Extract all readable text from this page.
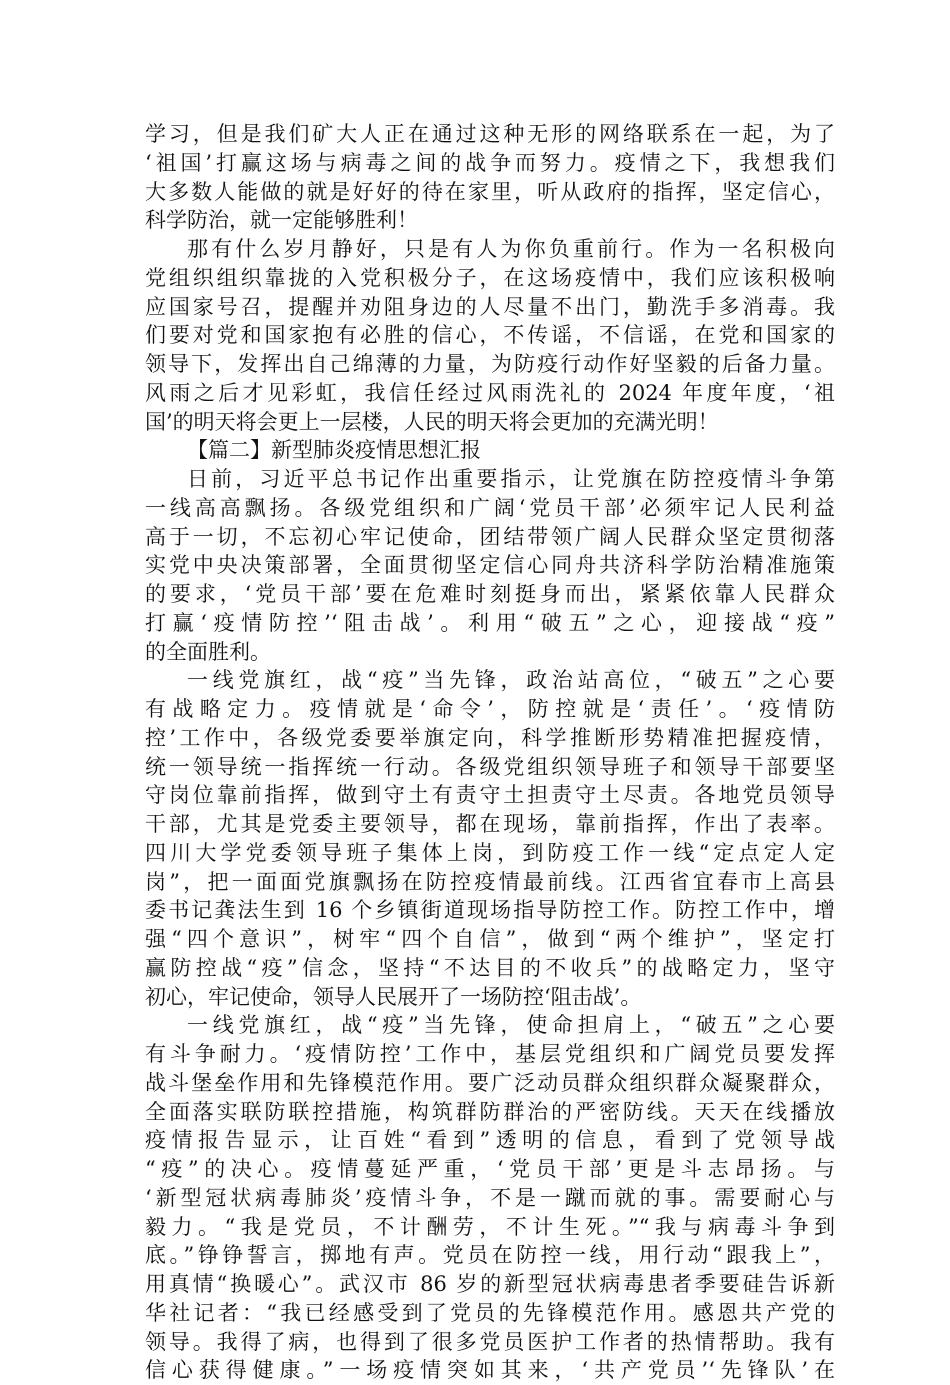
学习，但是我们矿大人正在通过这种无形的网络联系在一起，为了
‘祖国’打赢这场与病毒之间的战争而努力。疫情之下，我想我们
大多数人能做的就是好好的待在家里，听从政府的指挥，坚定信心，
科学防治，就一定能够胜利！
那有什么岁月静好，只是有人为你负重前行。作为一名积极向
党组织组织靠拢的入党积极分子，在这场疫情中，我们应该积极响
应国家号召，提醒并劝阻身边的人尽量不出门，勤洗手多消毒。我
们要对党和国家抱有必胜的信心，不传谣，不信谣，在党和国家的
领导下，发挥出自己绵薄的力量，为防疫行动作好坚毅的后备力量。
风雨之后才见彩虹，我信任经过风雨洗礼的 2024 年度年度，‘祖
国’的明天将会更上一层楼，人民的明天将会更加的充满光明！
【篇二】新型肺炎疫情思想汇报
日前，习近平总书记作出重要指示，让党旗在防控疫情斗争第
一线高高飘扬。各级党组织和广阔‘党员干部’必须牢记人民利益
高于一切，不忘初心牢记使命，团结带领广阔人民群众坚定贯彻落
实党中央决策部署，全面贯彻坚定信心同舟共济科学防治精准施策
的要求，‘党员干部’要在危难时刻挺身而出，紧紧依靠人民群众
打赢‘疫情防控’‘阻击战’。利用“破五”之心，迎接战“疫”
的全面胜利。
一线党旗红，战“疫”当先锋，政治站高位，“破五”之心要
有战略定力。疫情就是‘命令’，防控就是‘责任’。‘疫情防
控’工作中，各级党委要举旗定向，科学推断形势精准把握疫情，
统一领导统一指挥统一行动。各级党组织领导班子和领导干部要坚
守岗位靠前指挥，做到守土有责守土担责守土尽责。各地党员领导
干部，尤其是党委主要领导，都在现场，靠前指挥，作出了表率。
四川大学党委领导班子集体上岗，到防疫工作一线“定点定人定
岗”，把一面面党旗飘扬在防控疫情最前线。江西省宜春市上高县
委书记龚法生到 16 个乡镇街道现场指导防控工作。防控工作中，增
强“四个意识”，树牢“四个自信”，做到“两个维护”，坚定打
赢防控战“疫”信念，坚持“不达目的不收兵”的战略定力，坚守
初心，牢记使命，领导人民展开了一场防控‘阻击战’。
一线党旗红，战“疫”当先锋，使命担肩上，“破五”之心要
有斗争耐力。‘疫情防控’工作中，基层党组织和广阔党员要发挥
战斗堡垒作用和先锋模范作用。要广泛动员群众组织群众凝聚群众，
全面落实联防联控措施，构筑群防群治的严密防线。天天在线播放
疫情报告显示，让百姓“看到”透明的信息，看到了党领导战
“疫”的决心。疫情蔓延严重，‘党员干部’更是斗志昂扬。与
‘新型冠状病毒肺炎’疫情斗争，不是一蹴而就的事。需要耐心与
毅力。“我是党员，不计酬劳，不计生死。”“我与病毒斗争到
底。”铮铮誓言，掷地有声。党员在防控一线，用行动“跟我上”，
用真情“换暖心”。武汉市 86 岁的新型冠状病毒患者季要硅告诉新
华社记者：“我已经感受到了党员的先锋模范作用。感恩共产党的
领导。我得了病，也得到了很多党员医护工作者的热情帮助。我有
信心获得健康。”一场疫情突如其来，‘共产党员’‘先锋队’在
